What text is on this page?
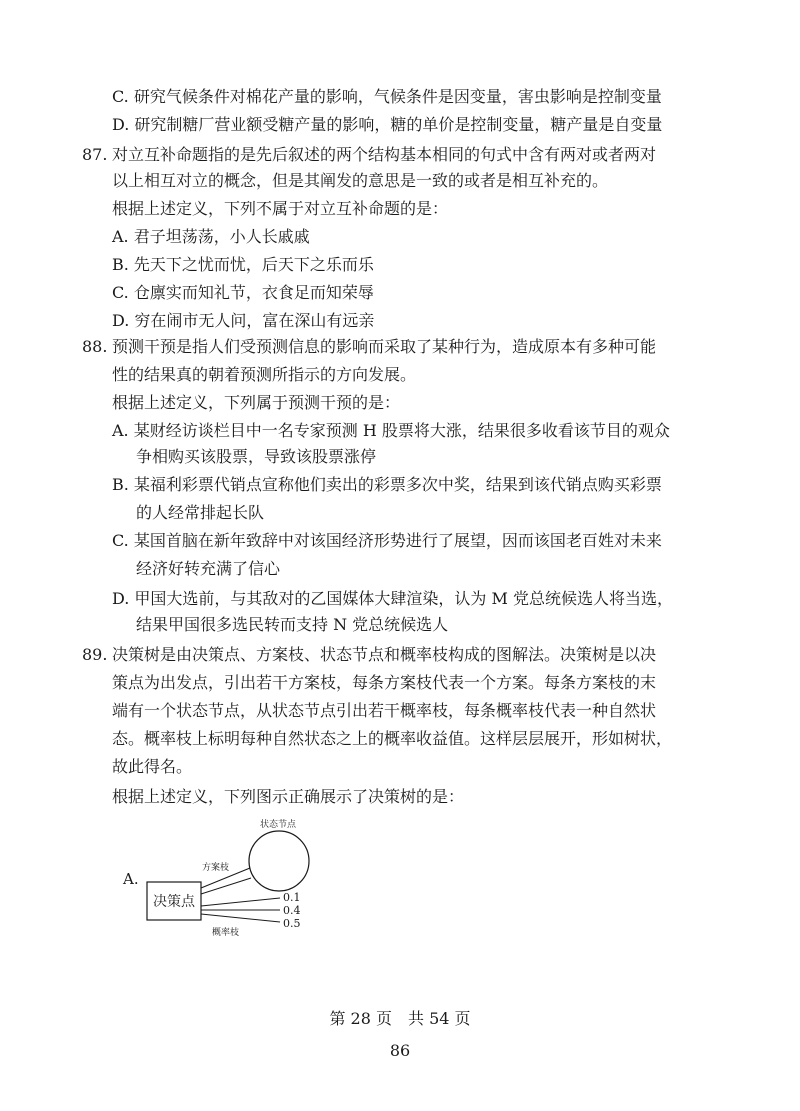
C. 研究气候条件对棉花产量的影响，气候条件是因变量，害虫影响是控制变量
D. 研究制糖厂营业额受糖产量的影响，糖的单价是控制变量，糖产量是自变量
87. 对立互补命题指的是先后叙述的两个结构基本相同的句式中含有两对或者两对
以上相互对立的概念，但是其阐发的意思是一致的或者是相互补充的。
根据上述定义，下列不属于对立互补命题的是：
A. 君子坦荡荡，小人长戚戚
B. 先天下之忧而忧，后天下之乐而乐
C. 仓廪实而知礼节，衣食足而知荣辱
D. 穷在闹市无人问，富在深山有远亲
88. 预测干预是指人们受预测信息的影响而采取了某种行为，造成原本有多种可能
性的结果真的朝着预测所指示的方向发展。
根据上述定义，下列属于预测干预的是：
A. 某财经访谈栏目中一名专家预测 H 股票将大涨，结果很多收看该节目的观众
争相购买该股票，导致该股票涨停
B. 某福利彩票代销点宣称他们卖出的彩票多次中奖，结果到该代销点购买彩票
的人经常排起长队
C. 某国首脑在新年致辞中对该国经济形势进行了展望，因而该国老百姓对未来
经济好转充满了信心
D. 甲国大选前，与其敌对的乙国媒体大肆渲染，认为 M 党总统候选人将当选，
结果甲国很多选民转而支持 N 党总统候选人
89. 决策树是由决策点、方案枝、状态节点和概率枝构成的图解法。决策树是以决
策点为出发点，引出若干方案枝，每条方案枝代表一个方案。每条方案枝的末
端有一个状态节点，从状态节点引出若干概率枝，每条概率枝代表一种自然状
态。概率枝上标明每种自然状态之上的概率收益值。这样层层展开，形如树状，
故此得名。
根据上述定义，下列图示正确展示了决策树的是：
A.
决策点
状态节点
方案枝
0.1
0.4
0.5
概率枝
第 28 页　共 54 页
86
